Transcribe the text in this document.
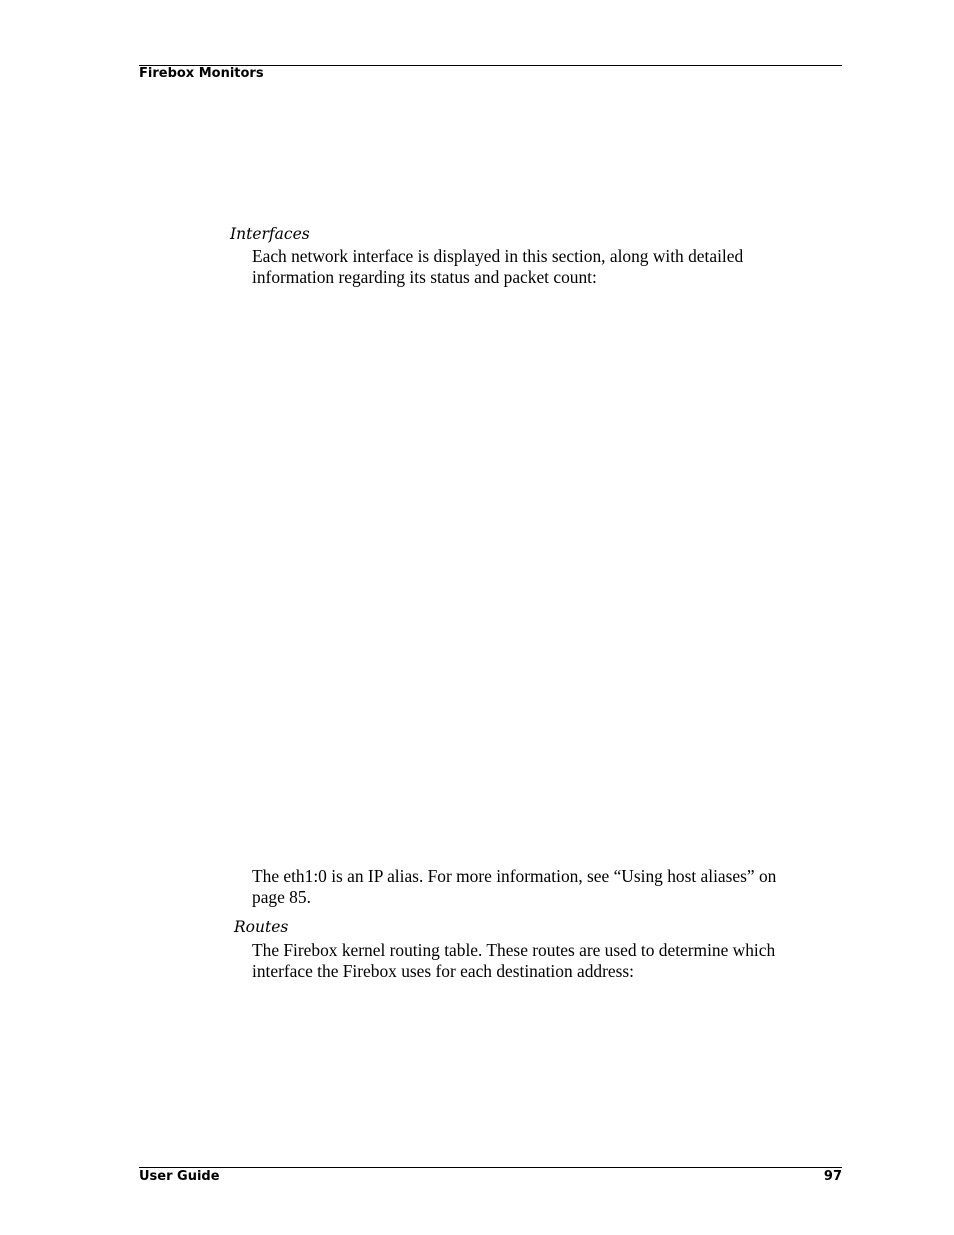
Firebox Monitors
Interfaces
Each network interface is displayed in this section, along with detailed
information regarding its status and packet count:
The eth1:0 is an IP alias. For more information, see “Using host aliases” on
page 85.
Routes
The Firebox kernel routing table. These routes are used to determine which
interface the Firebox uses for each destination address:
User Guide	97
